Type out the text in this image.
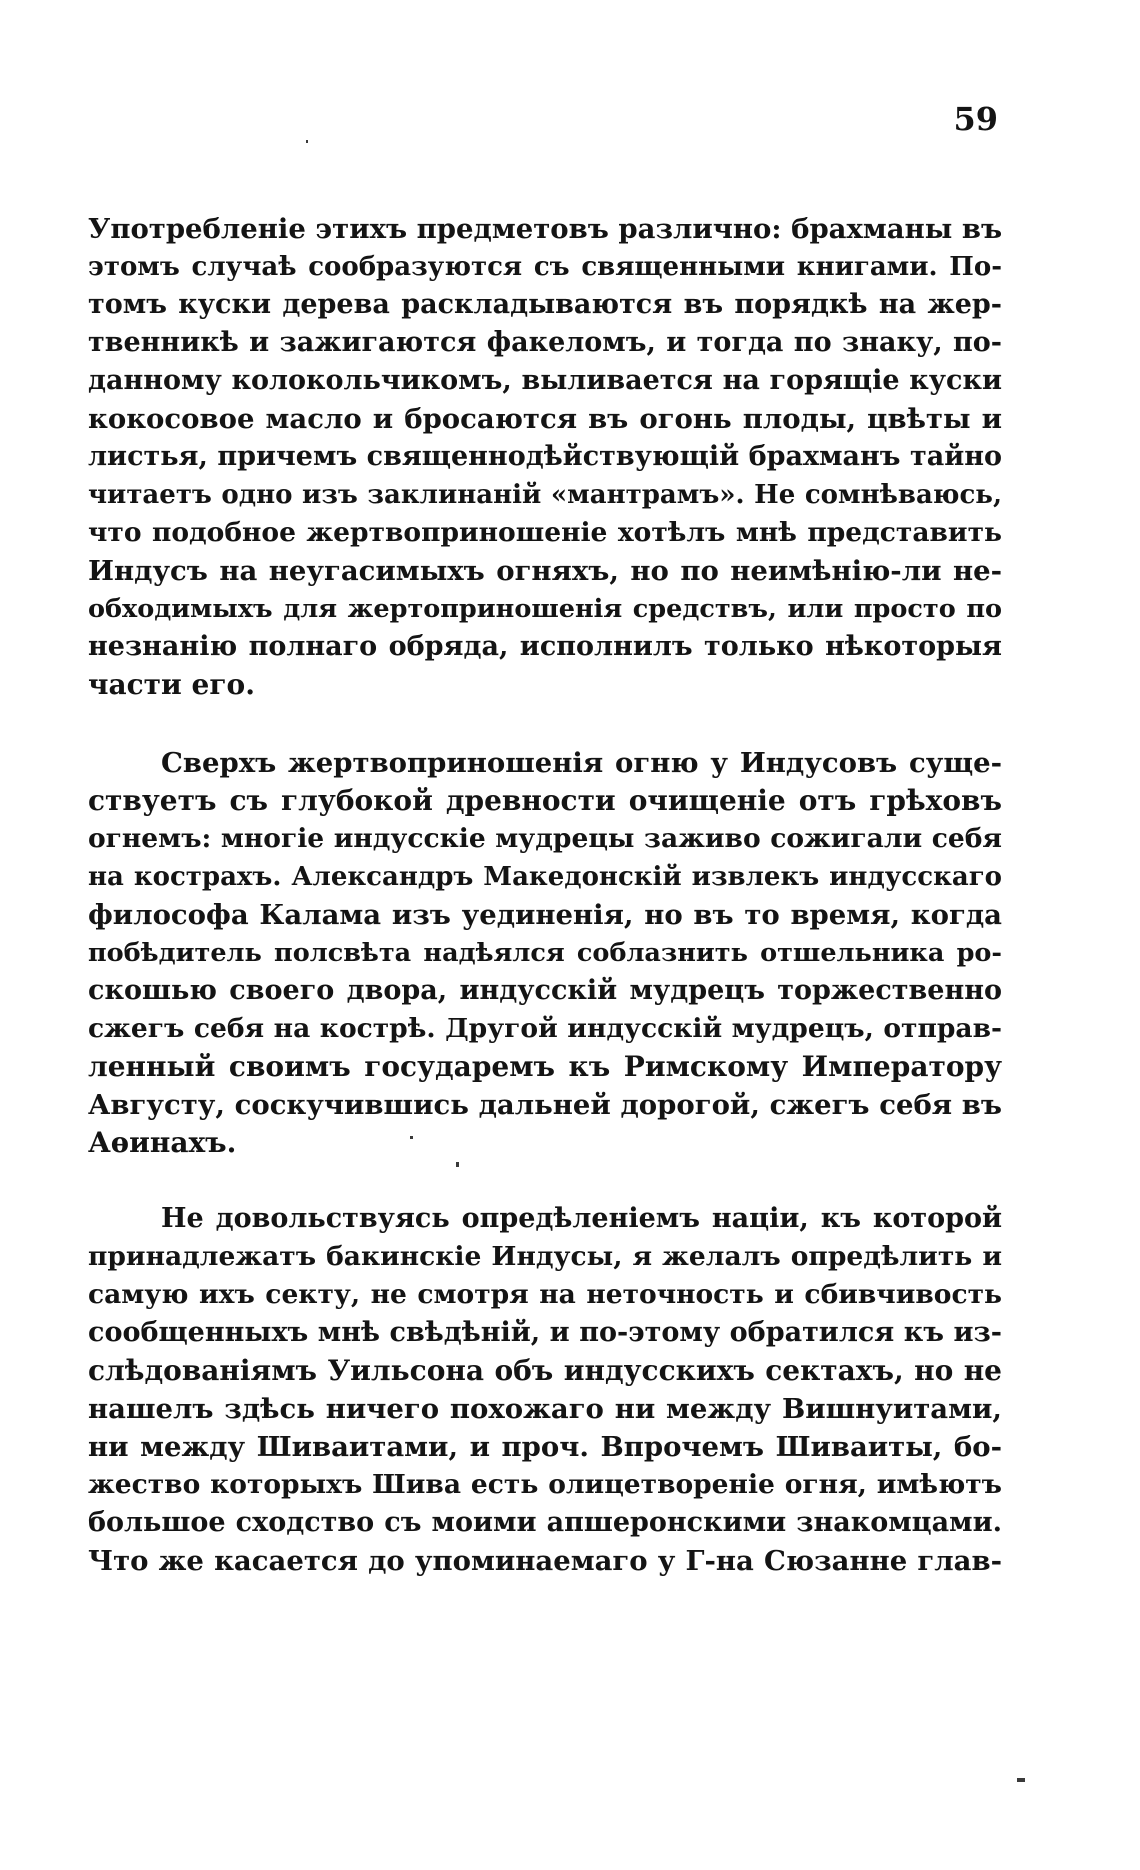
59
Употребленіе этихъ предметовъ различно: брахманы въ
этомъ случаѣ сообразуются съ священными книгами. По-
томъ куски дерева раскладываются въ порядкѣ на жер-
твенникѣ и зажигаются факеломъ, и тогда по знаку, по-
данному колокольчикомъ, выливается на горящіе куски
кокосовое масло и бросаются въ огонь плоды, цвѣты и
листья, причемъ священнодѣйствующій брахманъ тайно
читаетъ одно изъ заклинаній «мантрамъ». Не сомнѣваюсь,
что подобное жертвоприношеніе хотѣлъ мнѣ представить
Индусъ на неугасимыхъ огняхъ, но по неимѣнію-ли не-
обходимыхъ для жертоприношенія средствъ, или просто по
незнанію полнаго обряда, исполнилъ только нѣкоторыя
части его.
Сверхъ жертвоприношенія огню у Индусовъ суще-
ствуетъ съ глубокой древности очищеніе отъ грѣховъ
огнемъ: многіе индусскіе мудрецы заживо сожигали себя
на кострахъ. Александръ Македонскій извлекъ индусскаго
философа Калама изъ уединенія, но въ то время, когда
побѣдитель полсвѣта надѣялся соблазнить отшельника ро-
скошью своего двора, индусскій мудрецъ торжественно
сжегъ себя на кострѣ. Другой индусскій мудрецъ, отправ-
ленный своимъ государемъ къ Римскому Императору
Августу, соскучившись дальней дорогой, сжегъ себя въ
Аѳинахъ.
Не довольствуясь опредѣленіемъ націи, къ которой
принадлежатъ бакинскіе Индусы, я желалъ опредѣлить и
самую ихъ секту, не смотря на неточность и сбивчивость
сообщенныхъ мнѣ свѣдѣній, и по-этому обратился къ из-
слѣдованіямъ Уильсона объ индусскихъ сектахъ, но не
нашелъ здѣсь ничего похожаго ни между Вишнуитами,
ни между Шиваитами, и проч. Впрочемъ Шиваиты, бо-
жество которыхъ Шива есть олицетвореніе огня, имѣютъ
большое сходство съ моими апшеронскими знакомцами.
Что же касается до упоминаемаго у Г-на Сюзанне глав-
